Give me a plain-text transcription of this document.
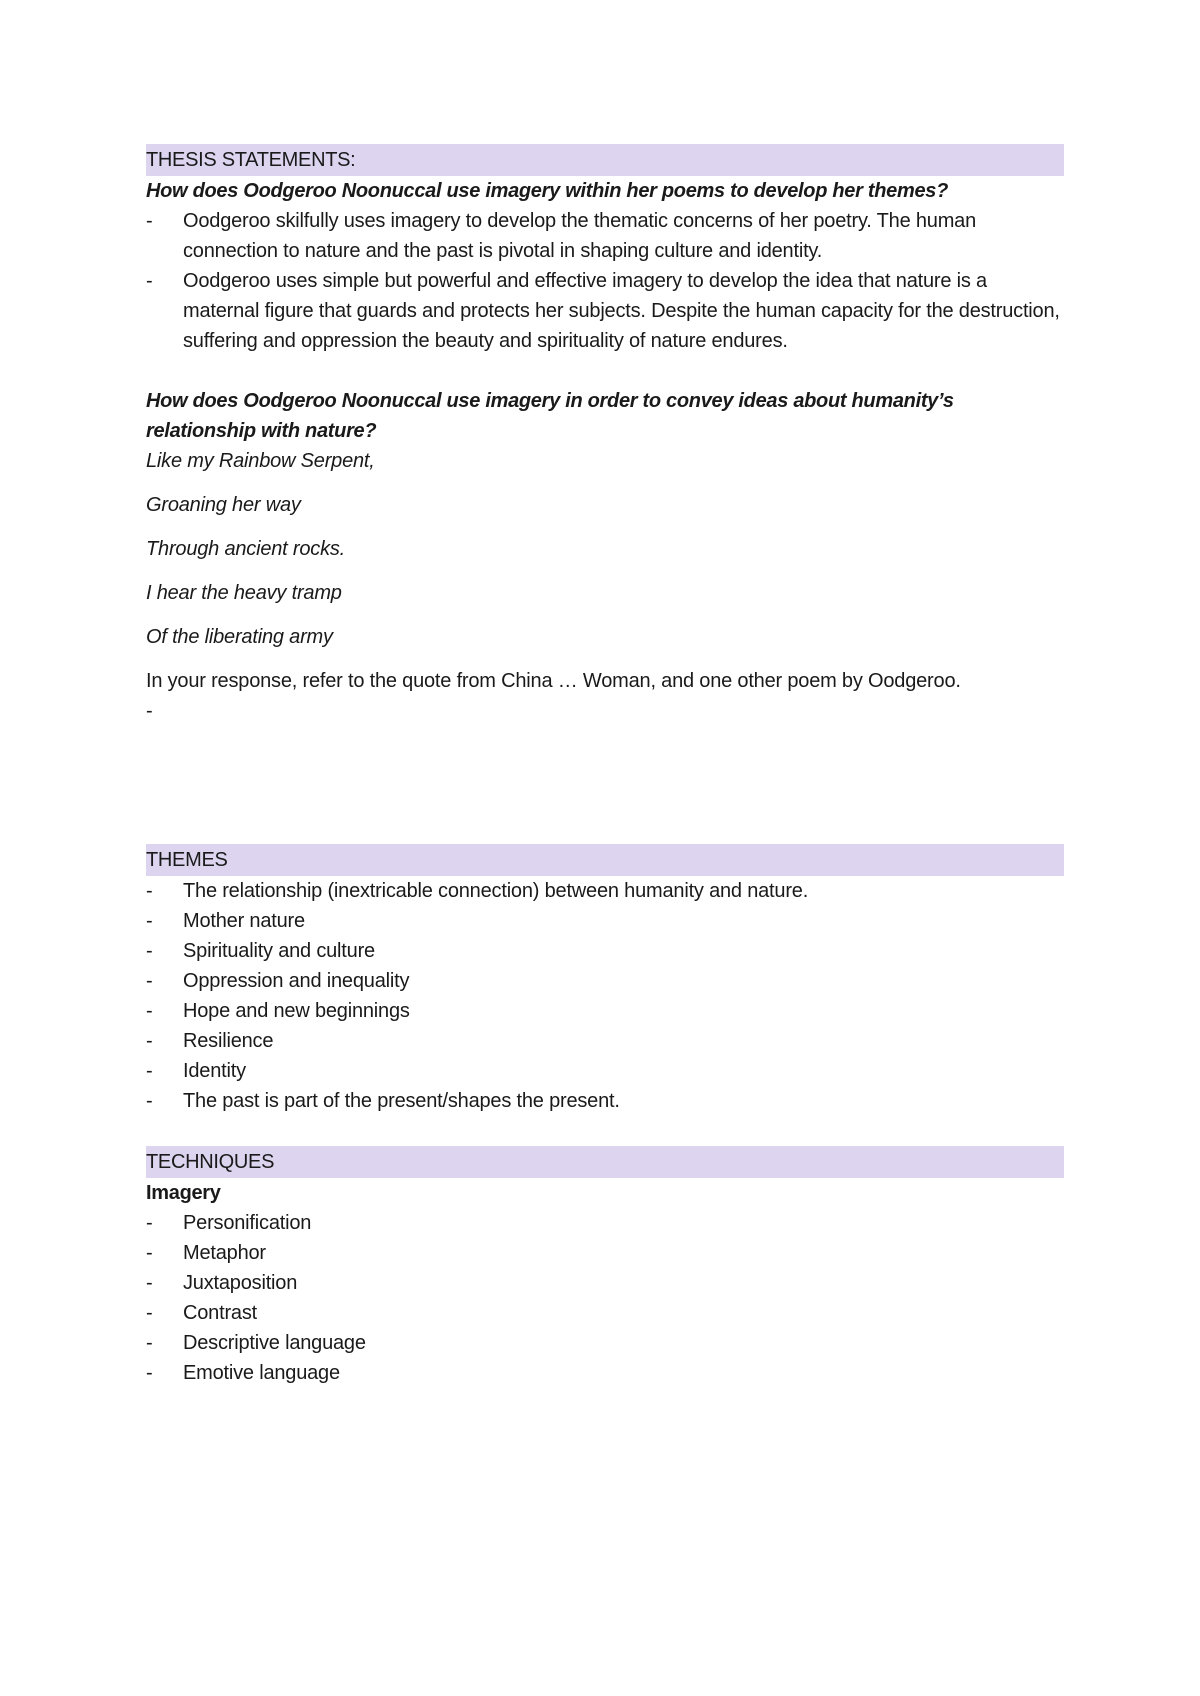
THESIS STATEMENTS:
How does Oodgeroo Noonuccal use imagery within her poems to develop her themes?
-	Oodgeroo skilfully uses imagery to develop the thematic concerns of her poetry. The human connection to nature and the past is pivotal in shaping culture and identity.
-	Oodgeroo uses simple but powerful and effective imagery to develop the idea that nature is a maternal figure that guards and protects her subjects. Despite the human capacity for the destruction, suffering and oppression the beauty and spirituality of nature endures.
How does Oodgeroo Noonuccal use imagery in order to convey ideas about humanity’s relationship with nature?
Like my Rainbow Serpent,
Groaning her way
Through ancient rocks.
I hear the heavy tramp
Of the liberating army
In your response, refer to the quote from China … Woman, and one other poem by Oodgeroo.
-
THEMES
-	The relationship (inextricable connection) between humanity and nature.
-	Mother nature
-	Spirituality and culture
-	Oppression and inequality
-	Hope and new beginnings
-	Resilience
-	Identity
-	The past is part of the present/shapes the present.
TECHNIQUES
Imagery
-	Personification
-	Metaphor
-	Juxtaposition
-	Contrast
-	Descriptive language
-	Emotive language
